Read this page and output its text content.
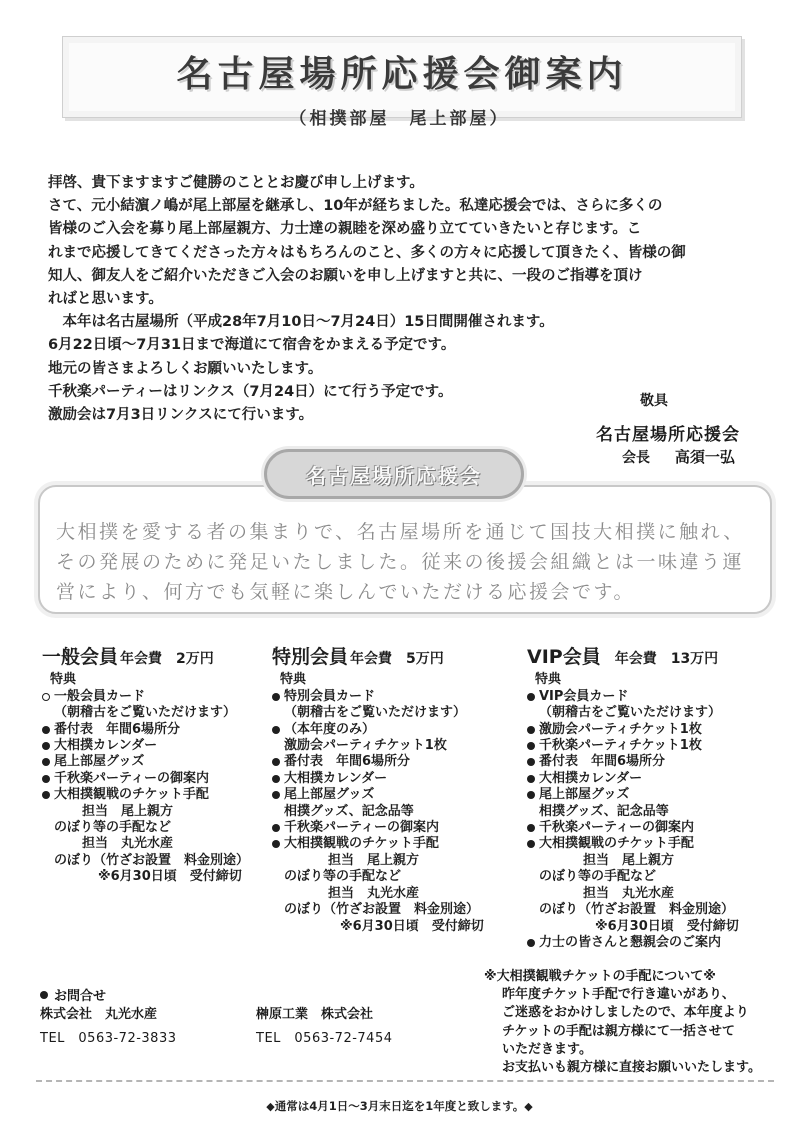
名古屋場所応援会御案内
（相撲部屋　尾上部屋）

拝啓、貴下ますますご健勝のこととお慶び申し上げます。

さて、元小結濵ノ嶋が尾上部屋を継承し、10年が経ちました。私達応援会では、さらに多くの

皆様のご入会を募り尾上部屋親方、力士達の親睦を深め盛り立てていきたいと存じます。こ

れまで応援してきてくださった方々はもちろんのこと、多くの方々に応援して頂きたく、皆様の御

知人、御友人をご紹介いただきご入会のお願いを申し上げますと共に、一段のご指導を頂け

ればと思います。

　本年は名古屋場所（平成28年7月10日～7月24日）15日間開催されます。

6月22日頃～7月31日まで海道にて宿舎をかまえる予定です。

地元の皆さまよろしくお願いいたします。

千秋楽パーティーはリンクス（7月24日）にて行う予定です。

激励会は7月3日リンクスにて行います。

敬具
名古屋場所応援会
会長 高須一弘
名古屋場所応援会

大相撲を愛する者の集まりで、名古屋場所を通じて国技大相撲に触れ、

その発展のために発足いたしました。従来の後援会組織とは一味違う運

営により、何方でも気軽に楽しんでいただける応援会です。

一般会員 年会費 2万円
特典
一般会員カード
（朝稽古をご覧いただけます）
番付表　年間6場所分
大相撲カレンダー
尾上部屋グッズ
千秋楽パーティーの御案内
大相撲観戦のチケット手配
担当　尾上親方
のぼり等の手配など
担当　丸光水産
のぼり（竹ざお設置　料金別途）
※6月30日頃　受付締切
特別会員 年会費 5万円
特典
特別会員カード
（朝稽古をご覧いただけます）
（本年度のみ）
激励会パーティチケット1枚
番付表　年間6場所分
大相撲カレンダー
尾上部屋グッズ
相撲グッズ、記念品等
千秋楽パーティーの御案内
大相撲観戦のチケット手配
担当　尾上親方
のぼり等の手配など
担当　丸光水産
のぼり（竹ざお設置　料金別途）
※6月30日頃　受付締切
VIP会員 年会費 13万円
特典
VIP会員カード
（朝稽古をご覧いただけます）
激励会パーティチケット1枚
千秋楽パーティチケット1枚
番付表　年間6場所分
大相撲カレンダー
尾上部屋グッズ
相撲グッズ、記念品等
千秋楽パーティーの御案内
大相撲観戦のチケット手配
担当　尾上親方
のぼり等の手配など
担当　丸光水産
のぼり（竹ざお設置　料金別途）
※6月30日頃　受付締切
力士の皆さんと懇親会のご案内
お問合せ
株式会社　丸光水産
TEL　0563-72-3833
榊原工業　株式会社
TEL　0563-72-7454

※大相撲観戦チケットの手配について※

昨年度チケット手配で行き違いがあり、

ご迷惑をおかけしましたので、本年度より

チケットの手配は親方様にて一括させて

いただきます。

お支払いも親方様に直接お願いいたします。

◆通常は4月1日～3月末日迄を1年度と致します。◆
